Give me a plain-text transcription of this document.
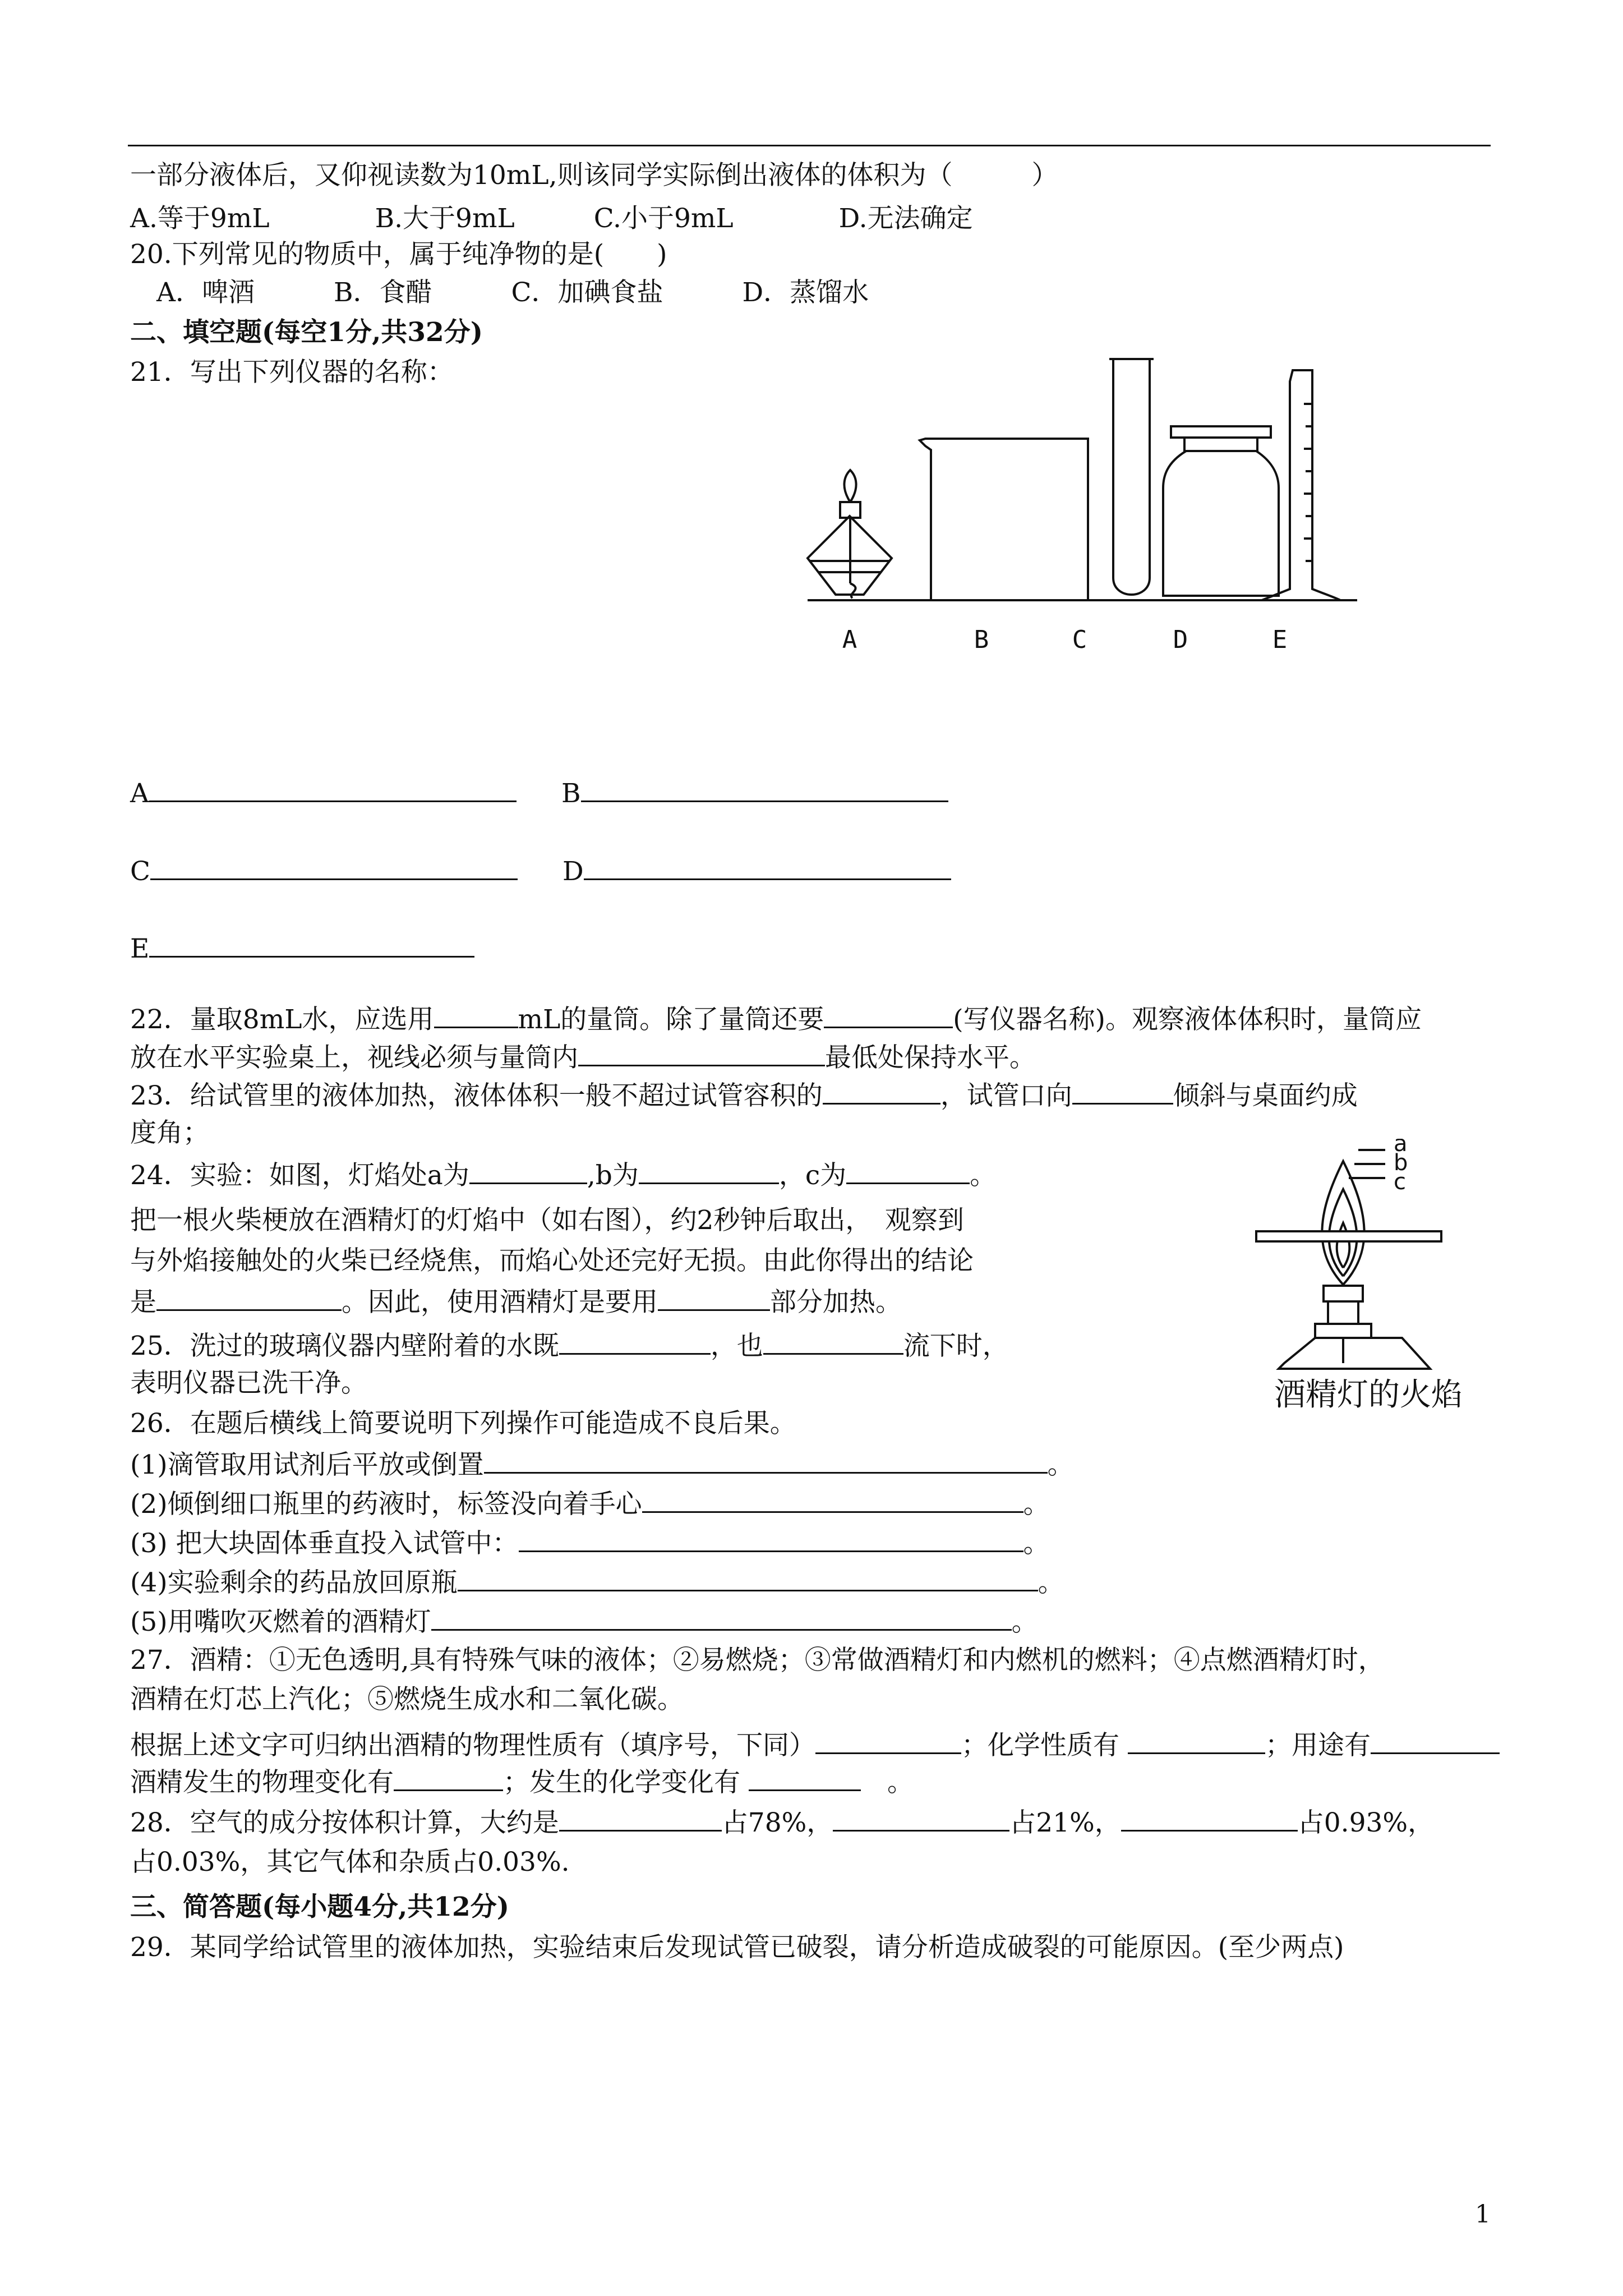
一部分液体后，又仰视读数为10mL,则该同学实际倒出液体的体积为（　　　）
A.等于9mL　　　　B.大于9mL　　　C.小于9mL　　　　D.无法确定
20.下列常见的物质中，属于纯净物的是(　　)
　A．啤酒　　　B．食醋　　　C．加碘食盐　　　D．蒸馏水
二、填空题(每空1分,共32分)
21．写出下列仪器的名称：
A	B	C	D	E
A	B
C	D
E
22．量取8mL水，应选用	mL的量筒。除了量筒还要	(写仪器名称)。观察液体体积时，量筒应
放在水平实验桌上，视线必须与量筒内	最低处保持水平。
23．给试管里的液体加热，液体体积一般不超过试管容积的	，试管口向	倾斜与桌面约成
度角；
24．实验：如图，灯焰处a为	,b为	，c为	。
把一根火柴梗放在酒精灯的灯焰中（如右图），约2秒钟后取出，　观察到
与外焰接触处的火柴已经烧焦，而焰心处还完好无损。由此你得出的结论
是	。因此，使用酒精灯是要用	部分加热。
a
b
c
酒精灯的火焰
25．洗过的玻璃仪器内壁附着的水既	，也	流下时，
表明仪器已洗干净。
26．在题后横线上简要说明下列操作可能造成不良后果。
(1)滴管取用试剂后平放或倒置	。
(2)倾倒细口瓶里的药液时，标签没向着手心	。
(3) 把大块固体垂直投入试管中：	。
(4)实验剩余的药品放回原瓶	。
(5)用嘴吹灭燃着的酒精灯	。
27．酒精：①无色透明,具有特殊气味的液体；②易燃烧；③常做酒精灯和内燃机的燃料；④点燃酒精灯时，
酒精在灯芯上汽化；⑤燃烧生成水和二氧化碳。
根据上述文字可归纳出酒精的物理性质有（填序号，下同）	；化学性质有	；用途有
酒精发生的物理变化有	；发生的化学变化有	　。
28．空气的成分按体积计算，大约是	占78%，	占21%，	占0.93%，
占0.03%，其它气体和杂质占0.03%.
三、简答题(每小题4分,共12分)
29．某同学给试管里的液体加热，实验结束后发现试管已破裂，请分析造成破裂的可能原因。(至少两点)
1
